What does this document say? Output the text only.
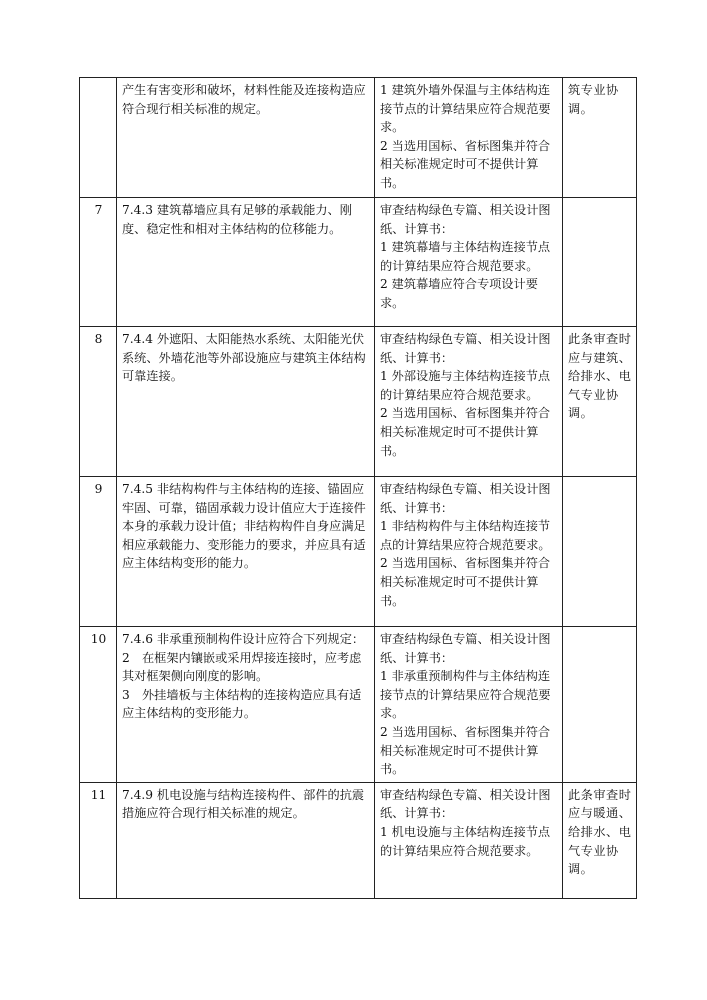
	产生有害变形和破坏，材料性能及连接构造应符合现行相关标准的规定。	1 建筑外墙外保温与主体结构连接节点的计算结果应符合规范要求。
2 当选用国标、省标图集并符合相关标准规定时可不提供计算书。	筑专业协调。

7	7.4.3 建筑幕墙应具有足够的承载能力、刚度、稳定性和相对主体结构的位移能力。	审查结构绿色专篇、相关设计图纸、计算书：
1 建筑幕墙与主体结构连接节点的计算结果应符合规范要求。
2 建筑幕墙应符合专项设计要求。	

8	7.4.4 外遮阳、太阳能热水系统、太阳能光伏系统、外墙花池等外部设施应与建筑主体结构可靠连接。	审查结构绿色专篇、相关设计图纸、计算书：
1 外部设施与主体结构连接节点的计算结果应符合规范要求。
2 当选用国标、省标图集并符合相关标准规定时可不提供计算书。	此条审查时应与建筑、给排水、电气专业协调。

9	7.4.5 非结构构件与主体结构的连接、锚固应牢固、可靠，锚固承载力设计值应大于连接件本身的承载力设计值；非结构构件自身应满足相应承载能力、变形能力的要求，并应具有适应主体结构变形的能力。	审查结构绿色专篇、相关设计图纸、计算书：
1 非结构构件与主体结构连接节点的计算结果应符合规范要求。
2 当选用国标、省标图集并符合相关标准规定时可不提供计算书。	

10	7.4.6 非承重预制构件设计应符合下列规定：
2　在框架内镶嵌或采用焊接连接时，应考虑其对框架侧向刚度的影响。
3　外挂墙板与主体结构的连接构造应具有适应主体结构的变形能力。	审查结构绿色专篇、相关设计图纸、计算书：
1 非承重预制构件与主体结构连接节点的计算结果应符合规范要求。
2 当选用国标、省标图集并符合相关标准规定时可不提供计算书。	

11	7.4.9 机电设施与结构连接构件、部件的抗震措施应符合现行相关标准的规定。	审查结构绿色专篇、相关设计图纸、计算书：
1 机电设施与主体结构连接节点的计算结果应符合规范要求。	此条审查时应与暖通、给排水、电气专业协调。
